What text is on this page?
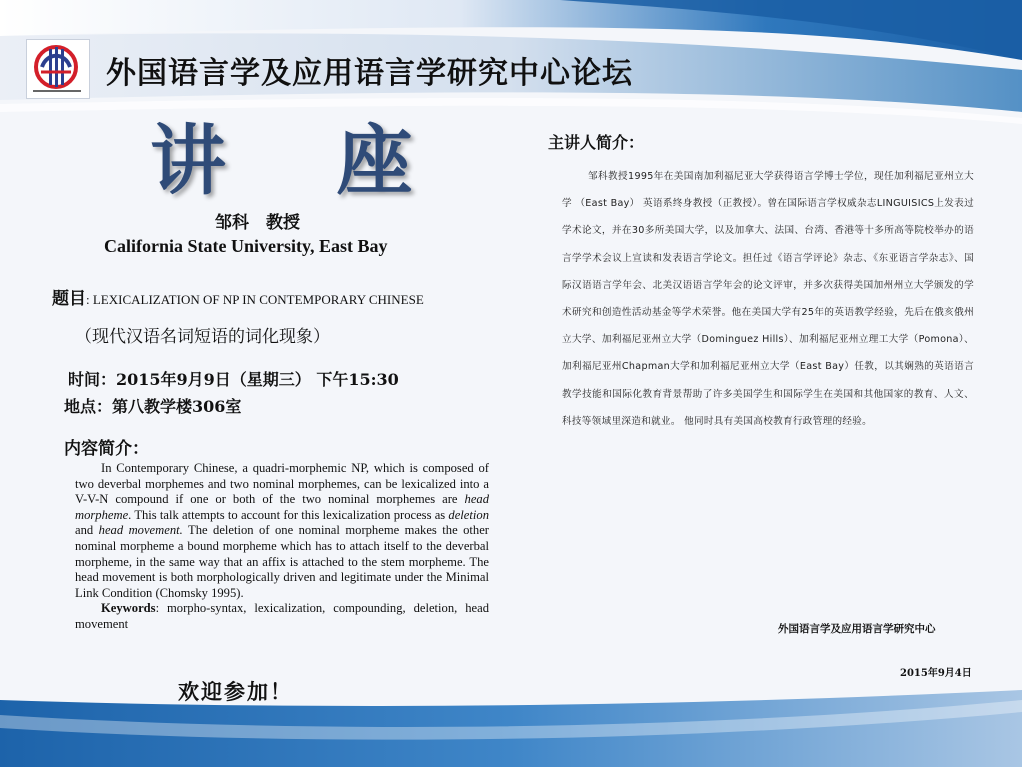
外国语言学及应用语言学研究中心论坛
讲 座
邹科　教授
California State University, East Bay
题目: LEXICALIZATION OF NP IN CONTEMPORARY CHINESE
（现代汉语名词短语的词化现象）
时间：2015年9月9日（星期三） 下午15:30
地点：第八教学楼306室
内容简介：

In Contemporary Chinese, a quadri-morphemic NP, which is composed of two deverbal morphemes and two nominal morphemes, can be lexicalized into a V-V-N compound if one or both of the two nominal morphemes are head morpheme. This talk attempts to account for this lexicalization process as deletion and head movement. The deletion of one nominal morpheme makes the other nominal morpheme a bound morpheme which has to attach itself to the deverbal morpheme, in the same way that an affix is attached to the stem morpheme. The head movement is both morphologically driven and legitimate under the Minimal Link Condition (Chomsky 1995).

Keywords: morpho-syntax, lexicalization, compounding, deletion, head movement

欢迎参加！
主讲人简介：

邹科教授1995年在美国南加利福尼亚大学获得语言学博士学位，现任加利福尼亚州立大学 （East Bay） 英语系终身教授（正教授）。曾在国际语言学权威杂志LINGUISICS上发表过学术论文，并在30多所美国大学，以及加拿大、法国、台湾、香港等十多所高等院校举办的语言学学术会议上宣读和发表语言学论文。担任过《语言学评论》杂志、《东亚语言学杂志》、国际汉语语言学年会、北美汉语语言学年会的论文评审，并多次获得美国加州州立大学颁发的学术研究和创造性活动基金等学术荣誉。他在美国大学有25年的英语教学经验，先后在俄亥俄州立大学、加利福尼亚州立大学（Dominguez Hills）、加利福尼亚州立理工大学（Pomona）、加利福尼亚州Chapman大学和加利福尼亚州立大学（East Bay）任教，以其娴熟的英语语言教学技能和国际化教育背景帮助了许多美国学生和国际学生在美国和其他国家的教育、人文、科技等领域里深造和就业。 他同时具有美国高校教育行政管理的经验。

外国语言学及应用语言学研究中心
2015年9月4日
